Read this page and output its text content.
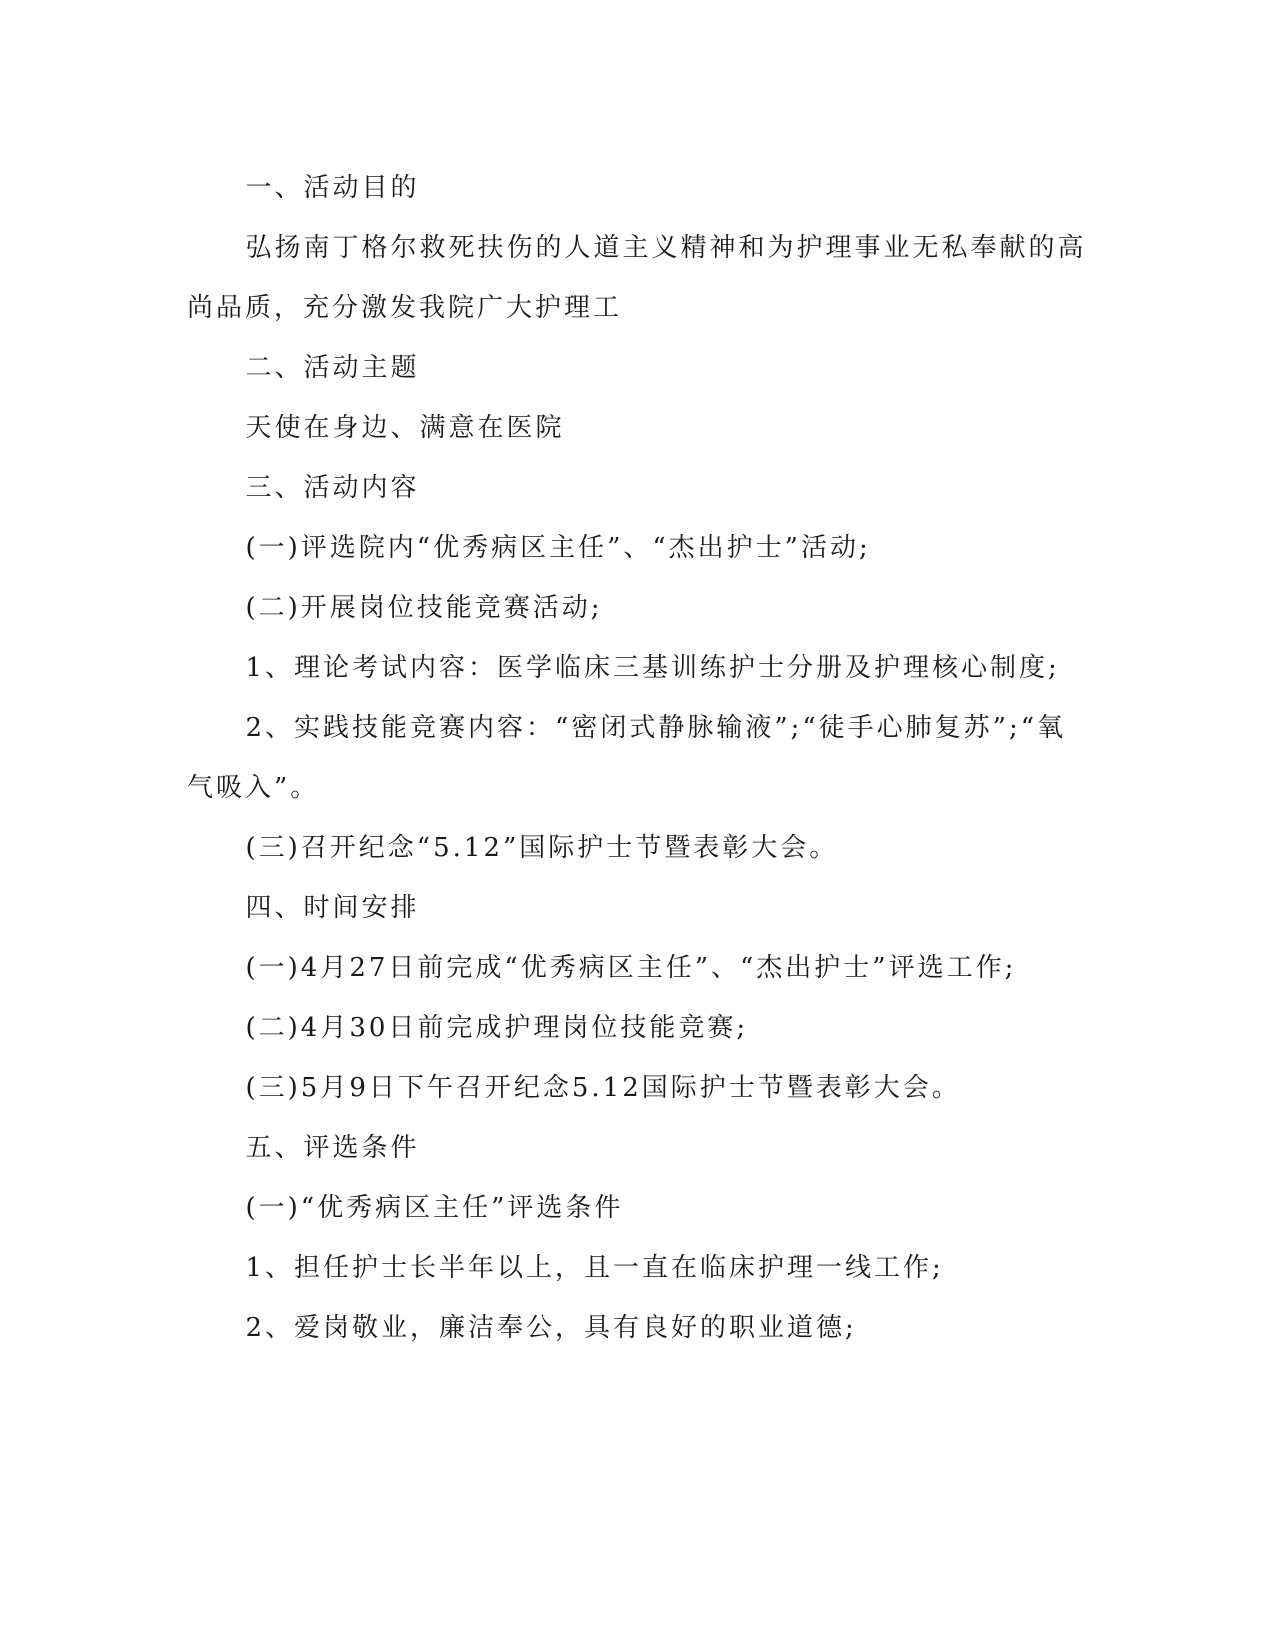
一、活动目的

弘扬南丁格尔救死扶伤的人道主义精神和为护理事业无私奉献的高尚品质，充分激发我院广大护理工

二、活动主题

天使在身边、满意在医院

三、活动内容

(一)评选院内“优秀病区主任”、“杰出护士”活动;

(二)开展岗位技能竞赛活动;

1、理论考试内容：医学临床三基训练护士分册及护理核心制度;

2、实践技能竞赛内容：“密闭式静脉输液”;“徒手心肺复苏”;“氧气吸入”。

(三)召开纪念“5.12”国际护士节暨表彰大会。

四、时间安排

(一)4月27日前完成“优秀病区主任”、“杰出护士”评选工作;

(二)4月30日前完成护理岗位技能竞赛;

(三)5月9日下午召开纪念5.12国际护士节暨表彰大会。

五、评选条件

(一)“优秀病区主任”评选条件

1、担任护士长半年以上，且一直在临床护理一线工作;

2、爱岗敬业，廉洁奉公，具有良好的职业道德;
